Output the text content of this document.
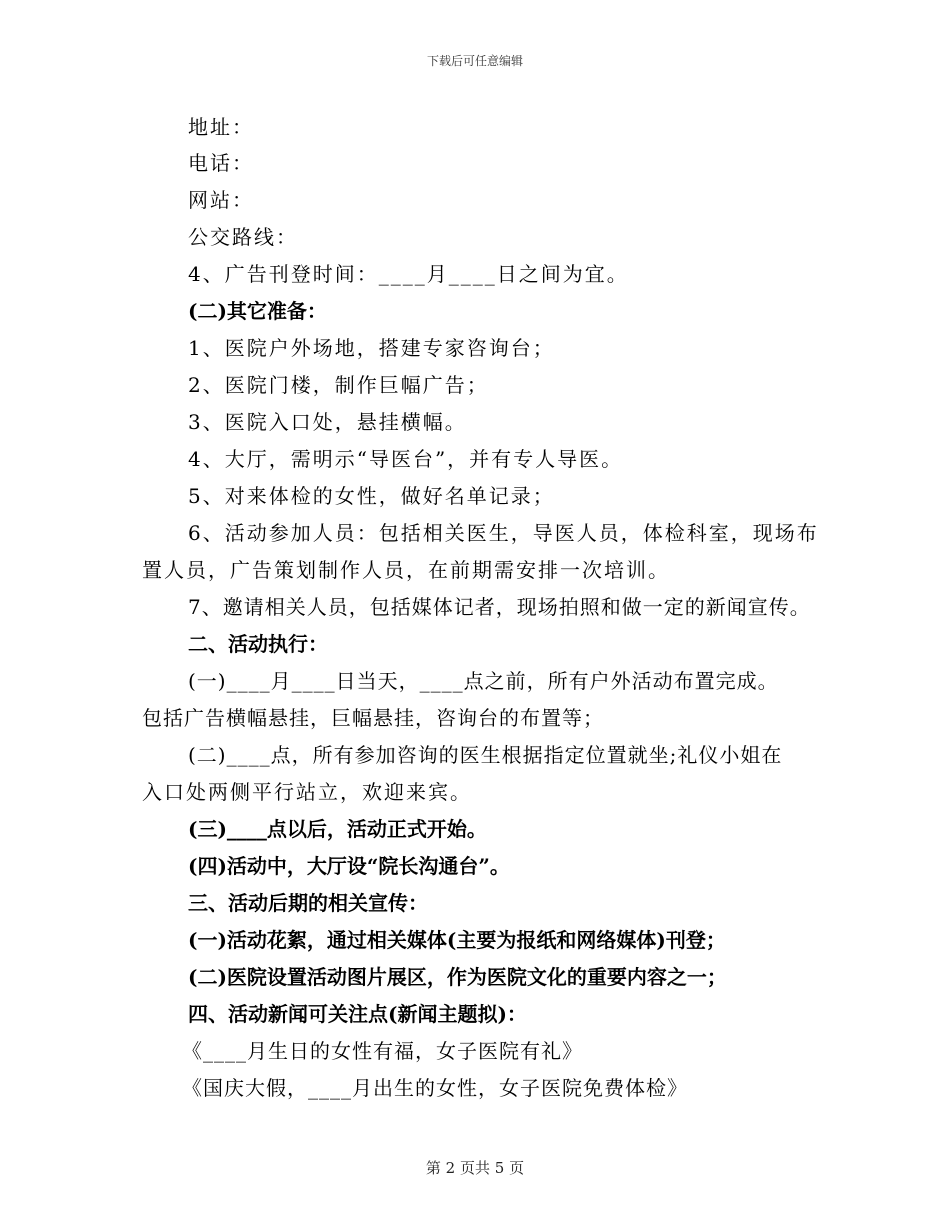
下载后可任意编辑
地址：
电话：
网站：
公交路线：
4、广告刊登时间：____月____日之间为宜。
(二)其它准备：
1、医院户外场地，搭建专家咨询台；
2、医院门楼，制作巨幅广告；
3、医院入口处，悬挂横幅。
4、大厅，需明示“导医台”，并有专人导医。
5、对来体检的女性，做好名单记录；
6、活动参加人员：包括相关医生，导医人员，体检科室，现场布
置人员，广告策划制作人员，在前期需安排一次培训。
7、邀请相关人员，包括媒体记者，现场拍照和做一定的新闻宣传。
二、活动执行：
(一)____月____日当天，____点之前，所有户外活动布置完成。
包括广告横幅悬挂，巨幅悬挂，咨询台的布置等；
(二)____点，所有参加咨询的医生根据指定位置就坐;礼仪小姐在
入口处两侧平行站立，欢迎来宾。
(三)____点以后，活动正式开始。
(四)活动中，大厅设“院长沟通台”。
三、活动后期的相关宣传：
(一)活动花絮，通过相关媒体(主要为报纸和网络媒体)刊登；
(二)医院设置活动图片展区，作为医院文化的重要内容之一；
四、活动新闻可关注点(新闻主题拟)：
《____月生日的女性有福，女子医院有礼》
《国庆大假，____月出生的女性，女子医院免费体检》
第 2 页共 5 页
